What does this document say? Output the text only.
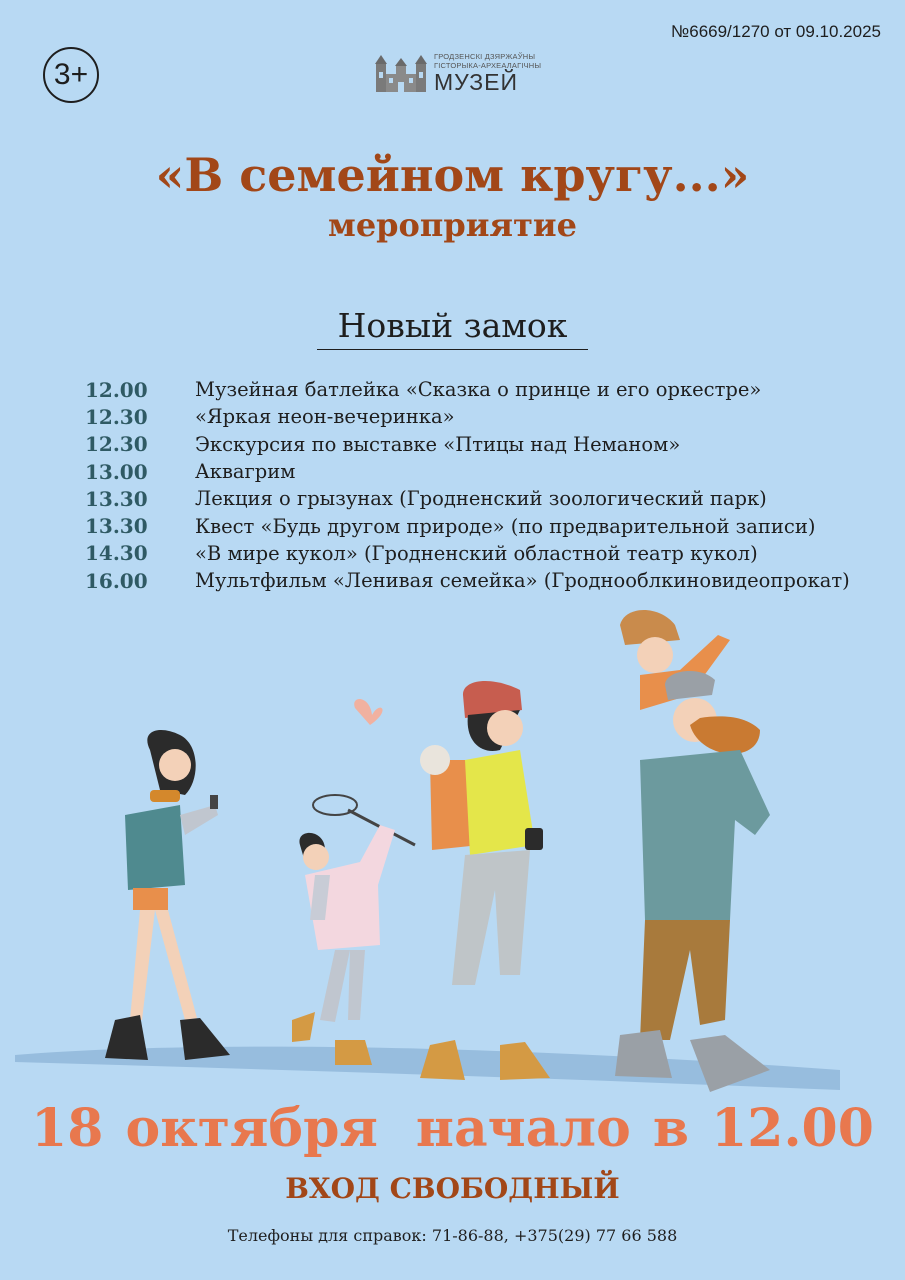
№6669/1270 от 09.10.2025
3+
ГРОДЗЕНСКІ ДЗЯРЖАЎНЫ
ГІСТОРЫКА-АРХЕАЛАГІЧНЫ
МУЗЕЙ
«В семейном кругу...»
мероприятие
Новый замок
12.00	Музейная батлейка «Сказка о принце и его оркестре»
12.30	«Яркая неон-вечеринка»
12.30	Экскурсия по выставке «Птицы над Неманом»
13.00	Аквагрим
13.30	Лекция о грызунах (Гродненский зоологический парк)
13.30	Квест «Будь другом природе» (по предварительной записи)
14.30	«В мире кукол» (Гродненский областной театр кукол)
16.00	Мультфильм «Ленивая семейка» (Гроднооблкиновидеопрокат)
18 октября начало в 12.00
ВХОД СВОБОДНЫЙ
Телефоны для справок: 71-86-88, +375(29) 77 66 588
